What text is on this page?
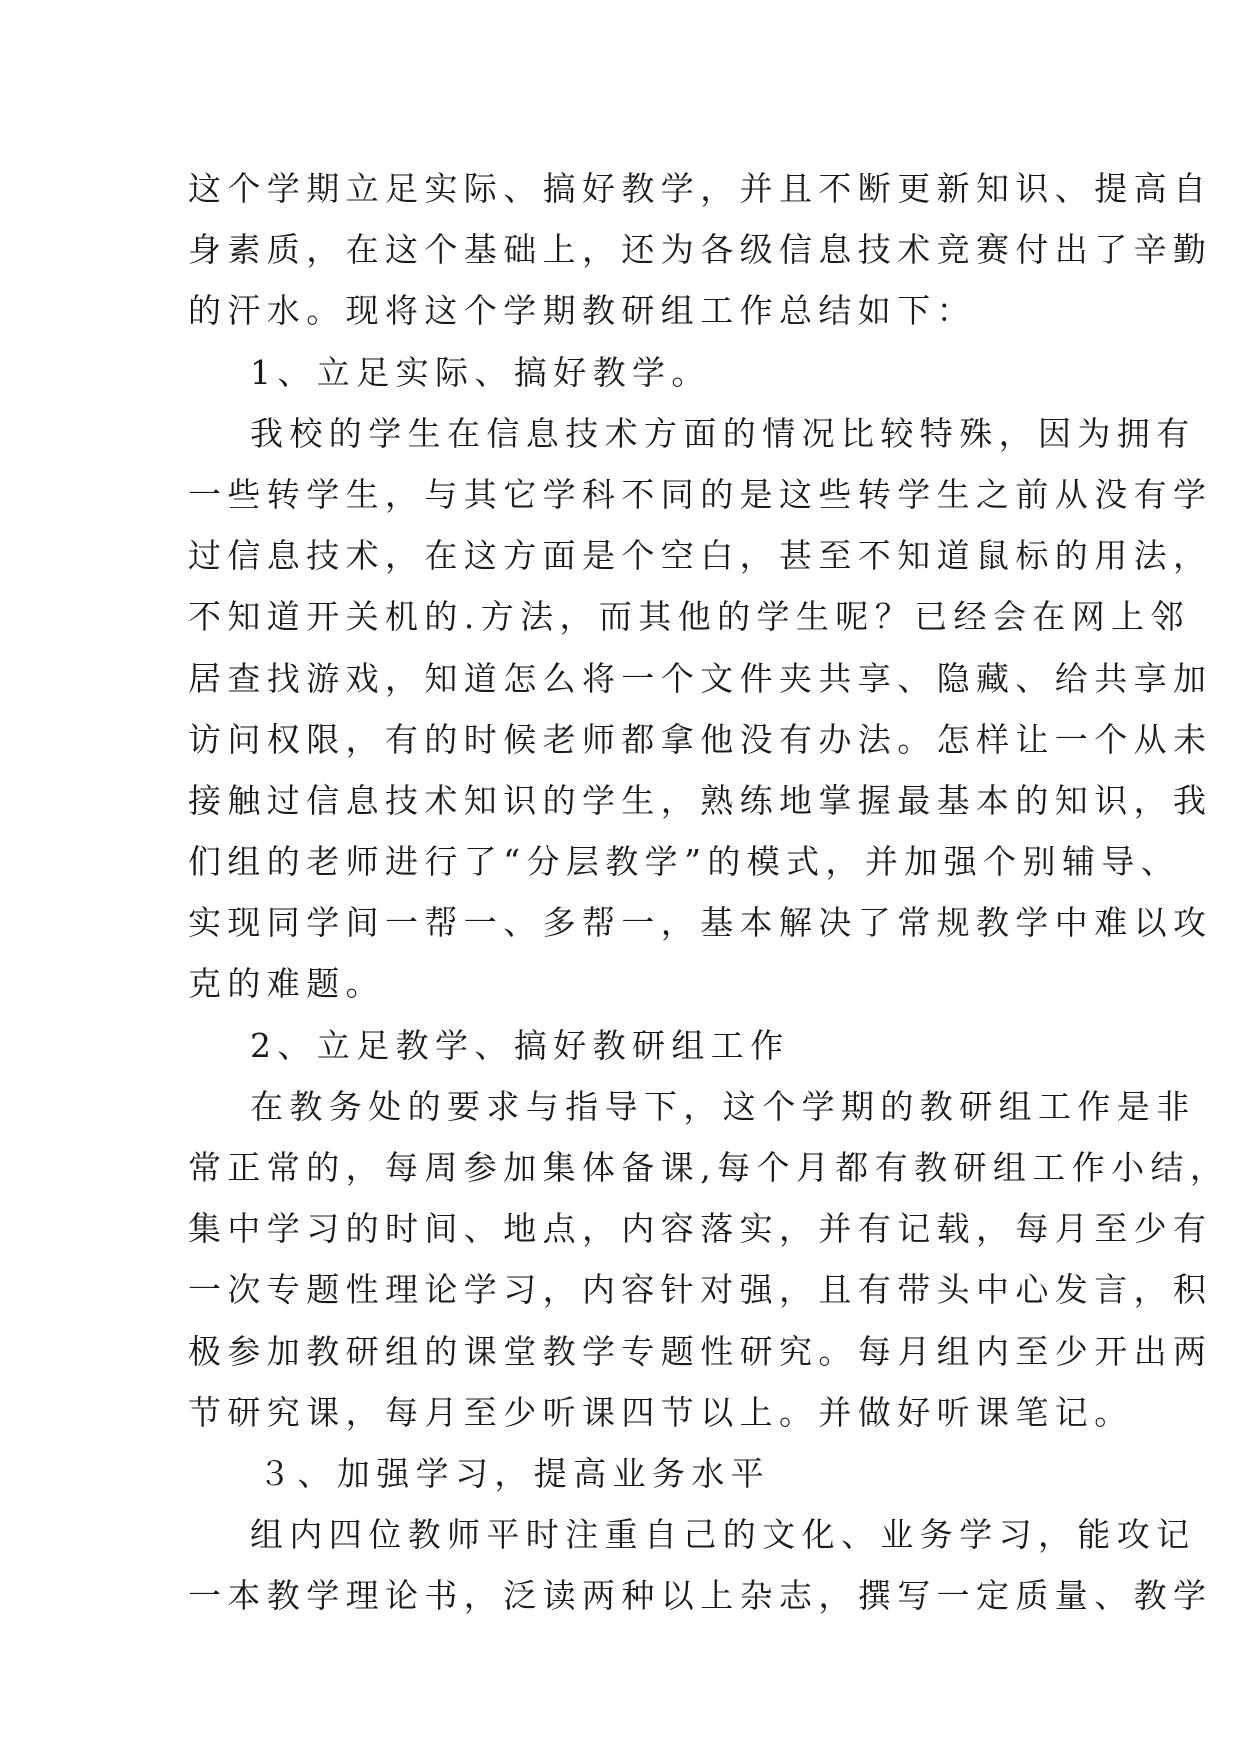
这个学期立足实际、搞好教学，并且不断更新知识、提高自
身素质，在这个基础上，还为各级信息技术竞赛付出了辛勤
的汗水。现将这个学期教研组工作总结如下：
1、立足实际、搞好教学。
我校的学生在信息技术方面的情况比较特殊，因为拥有
一些转学生，与其它学科不同的是这些转学生之前从没有学
过信息技术，在这方面是个空白，甚至不知道鼠标的用法，
不知道开关机的.方法，而其他的学生呢？已经会在网上邻
居查找游戏，知道怎么将一个文件夹共享、隐藏、给共享加
访问权限，有的时候老师都拿他没有办法。怎样让一个从未
接触过信息技术知识的学生，熟练地掌握最基本的知识，我
们组的老师进行了“分层教学”的模式，并加强个别辅导、
实现同学间一帮一、多帮一，基本解决了常规教学中难以攻
克的难题。
2、立足教学、搞好教研组工作
在教务处的要求与指导下，这个学期的教研组工作是非
常正常的，每周参加集体备课,每个月都有教研组工作小结，
集中学习的时间、地点，内容落实，并有记载，每月至少有
一次专题性理论学习，内容针对强，且有带头中心发言，积
极参加教研组的课堂教学专题性研究。每月组内至少开出两
节研究课，每月至少听课四节以上。并做好听课笔记。
３、加强学习，提高业务水平
组内四位教师平时注重自己的文化、业务学习，能攻记
一本教学理论书，泛读两种以上杂志，撰写一定质量、教学
